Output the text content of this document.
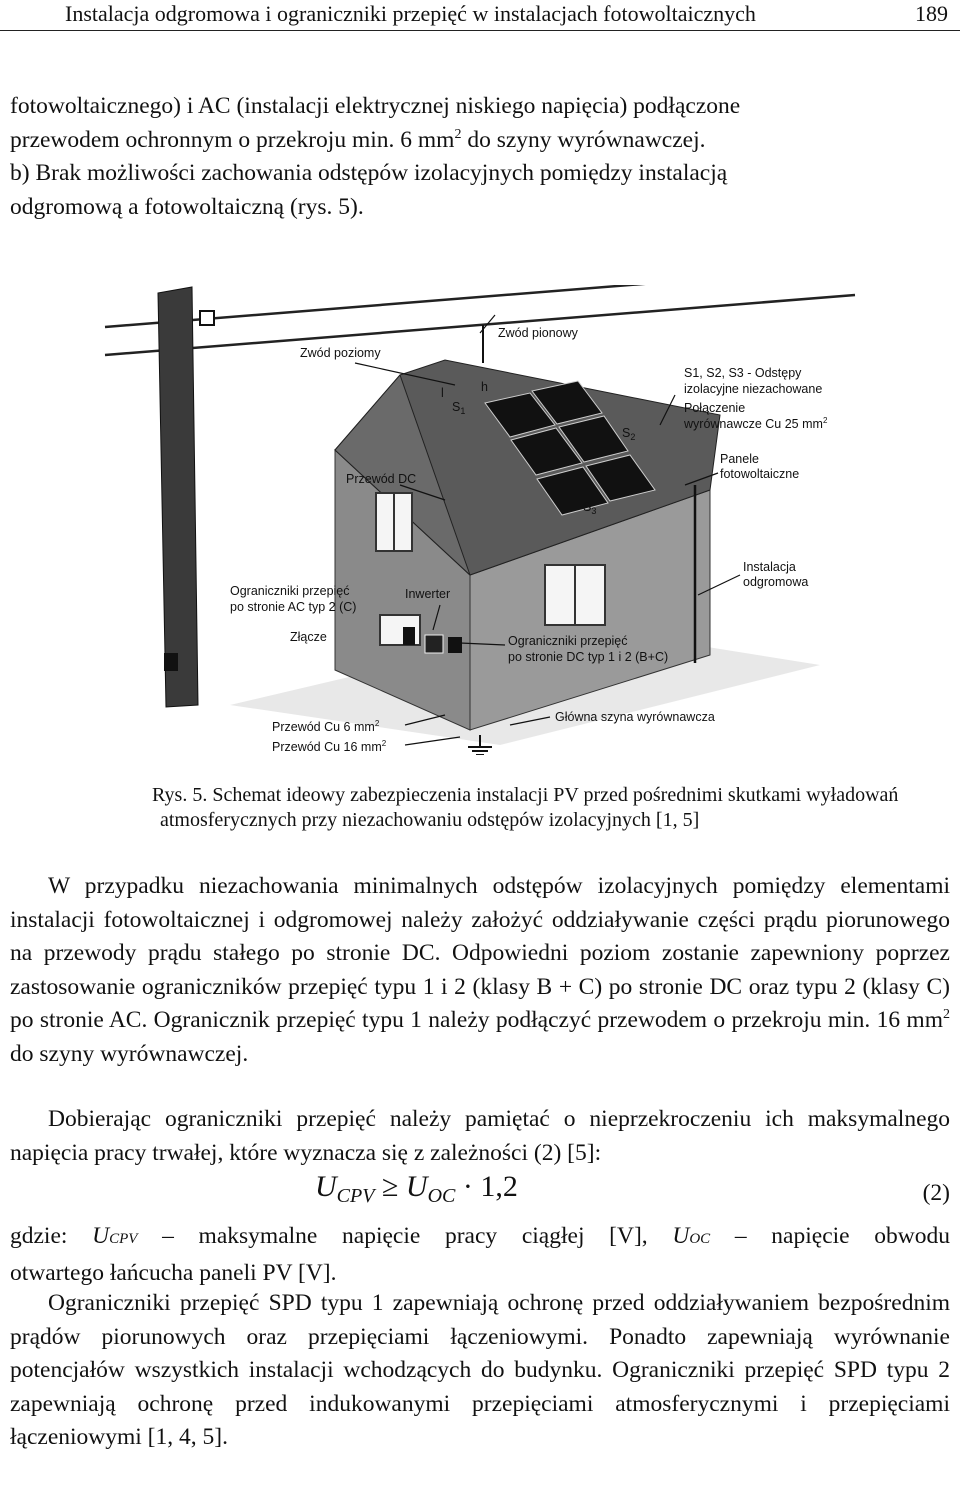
Instalacja odgromowa i ograniczniki przepięć w instalacjach fotowoltaicznych	189
fotowoltaicznego) i AC (instalacji elektrycznej niskiego napięcia) podłączone
przewodem ochronnym o przekroju min. 6 $mm^2$ do szyny wyrównawczej.
b) Brak możliwości zachowania odstępów izolacyjnych pomiędzy instalacją
odgromową a fotowoltaiczną (rys. 5).
Zwód pionowy
Zwód poziomy
l	h
$S_1$
$S_2$
$S_3$
S1, S2, S3 - Odstępy
izolacyjne niezachowane
Połączenie
wyrównawcze Cu 25 $mm^2$
Panele
fotowoltaiczne
Przewód DC
Instalacja
odgromowa
Ograniczniki przepięć
po stronie AC typ 2 (C)
Inwerter
Złącze	Ograniczniki przepięć
po stronie DC typ 1 i 2 (B+C)
Główna szyna wyrównawcza
Przewód Cu 6 $mm^2$
Przewód Cu 16 $mm^2$
Rys. 5. Schemat ideowy zabezpieczenia instalacji PV przed pośrednimi skutkami wyładowań
atmosferycznych przy niezachowaniu odstępów izolacyjnych [1, 5]
W przypadku niezachowania minimalnych odstępów izolacyjnych pomiędzy elementami instalacji fotowoltaicznej i odgromowej należy założyć oddziaływanie części prądu piorunowego na przewody prądu stałego po stronie DC. Odpowiedni poziom zostanie zapewniony poprzez zastosowanie ograniczników przepięć typu 1 i 2 (klasy B + C) po stronie DC oraz typu 2 (klasy C) po stronie AC. Ogranicznik przepięć typu 1 należy podłączyć przewodem o przekroju min. 16 $mm^2$ do szyny wyrównawczej.
Dobierając ograniczniki przepięć należy pamiętać o nieprzekroczeniu ich maksymalnego napięcia pracy trwałej, które wyznacza się z zależności (2) [5]:
$U_{CPV} \ge U_{OC} \cdot 1,2$	(2)
gdzie: UCPV – maksymalne napięcie pracy ciągłej [V], UOC – napięcie obwodu
otwartego łańcucha paneli PV [V].
Ograniczniki przepięć SPD typu 1 zapewniają ochronę przed oddziaływaniem bezpośrednim prądów piorunowych oraz przepięciami łączeniowymi. Ponadto zapewniają wyrównanie potencjałów wszystkich instalacji wchodzących do budynku. Ograniczniki przepięć SPD typu 2 zapewniają ochronę przed indukowanymi przepięciami atmosferycznymi i przepięciami łączeniowymi [1, 4, 5].
